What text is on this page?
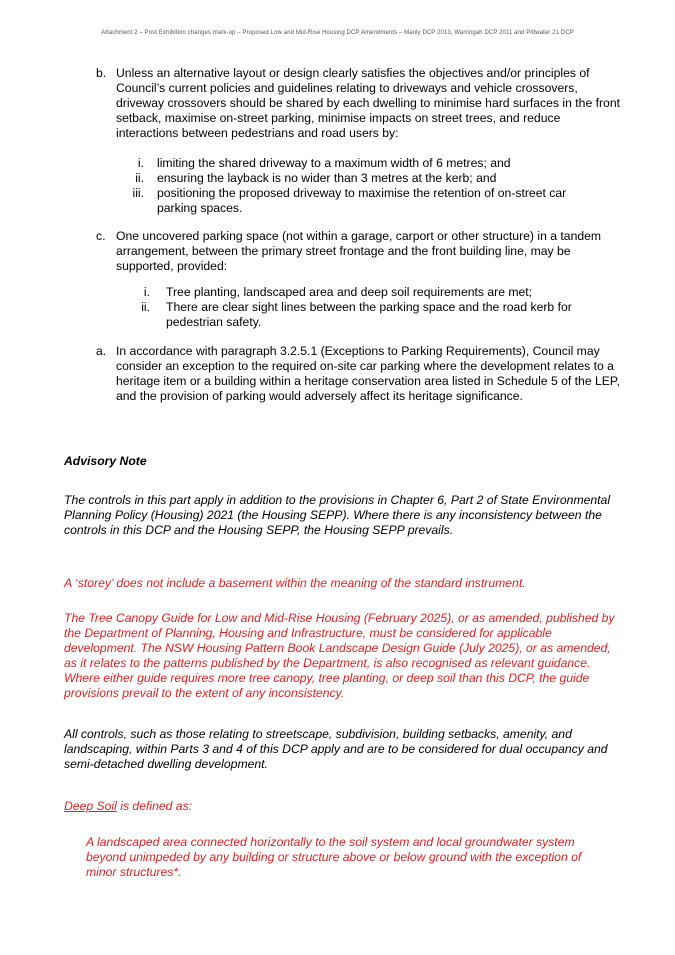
Attachment 2 – Post Exhibition changes mark-up – Proposed Low and Mid-Rise Housing DCP Amendments – Manly DCP 2013, Warringah DCP 2011 and Pittwater 21 DCP
b. Unless an alternative layout or design clearly satisfies the objectives and/or principles of Council’s current policies and guidelines relating to driveways and vehicle crossovers, driveway crossovers should be shared by each dwelling to minimise hard surfaces in the front setback, maximise on-street parking, minimise impacts on street trees, and reduce interactions between pedestrians and road users by:
i. limiting the shared driveway to a maximum width of 6 metres; and
ii. ensuring the layback is no wider than 3 metres at the kerb; and
iii. positioning the proposed driveway to maximise the retention of on-street car parking spaces.
c. One uncovered parking space (not within a garage, carport or other structure) in a tandem arrangement, between the primary street frontage and the front building line, may be supported, provided:
i. Tree planting, landscaped area and deep soil requirements are met;
ii. There are clear sight lines between the parking space and the road kerb for pedestrian safety.
a. In accordance with paragraph 3.2.5.1 (Exceptions to Parking Requirements), Council may consider an exception to the required on-site car parking where the development relates to a heritage item or a building within a heritage conservation area listed in Schedule 5 of the LEP, and the provision of parking would adversely affect its heritage significance.
Advisory Note
The controls in this part apply in addition to the provisions in Chapter 6, Part 2 of State Environmental Planning Policy (Housing) 2021 (the Housing SEPP). Where there is any inconsistency between the controls in this DCP and the Housing SEPP, the Housing SEPP prevails.
A ‘storey’ does not include a basement within the meaning of the standard instrument.
The Tree Canopy Guide for Low and Mid-Rise Housing (February 2025), or as amended, published by the Department of Planning, Housing and Infrastructure, must be considered for applicable development. The NSW Housing Pattern Book Landscape Design Guide (July 2025), or as amended, as it relates to the patterns published by the Department, is also recognised as relevant guidance. Where either guide requires more tree canopy, tree planting, or deep soil than this DCP, the guide provisions prevail to the extent of any inconsistency.
All controls, such as those relating to streetscape, subdivision, building setbacks, amenity, and landscaping, within Parts 3 and 4 of this DCP apply and are to be considered for dual occupancy and semi-detached dwelling development.
Deep Soil is defined as:
A landscaped area connected horizontally to the soil system and local groundwater system beyond unimpeded by any building or structure above or below ground with the exception of minor structures*.
